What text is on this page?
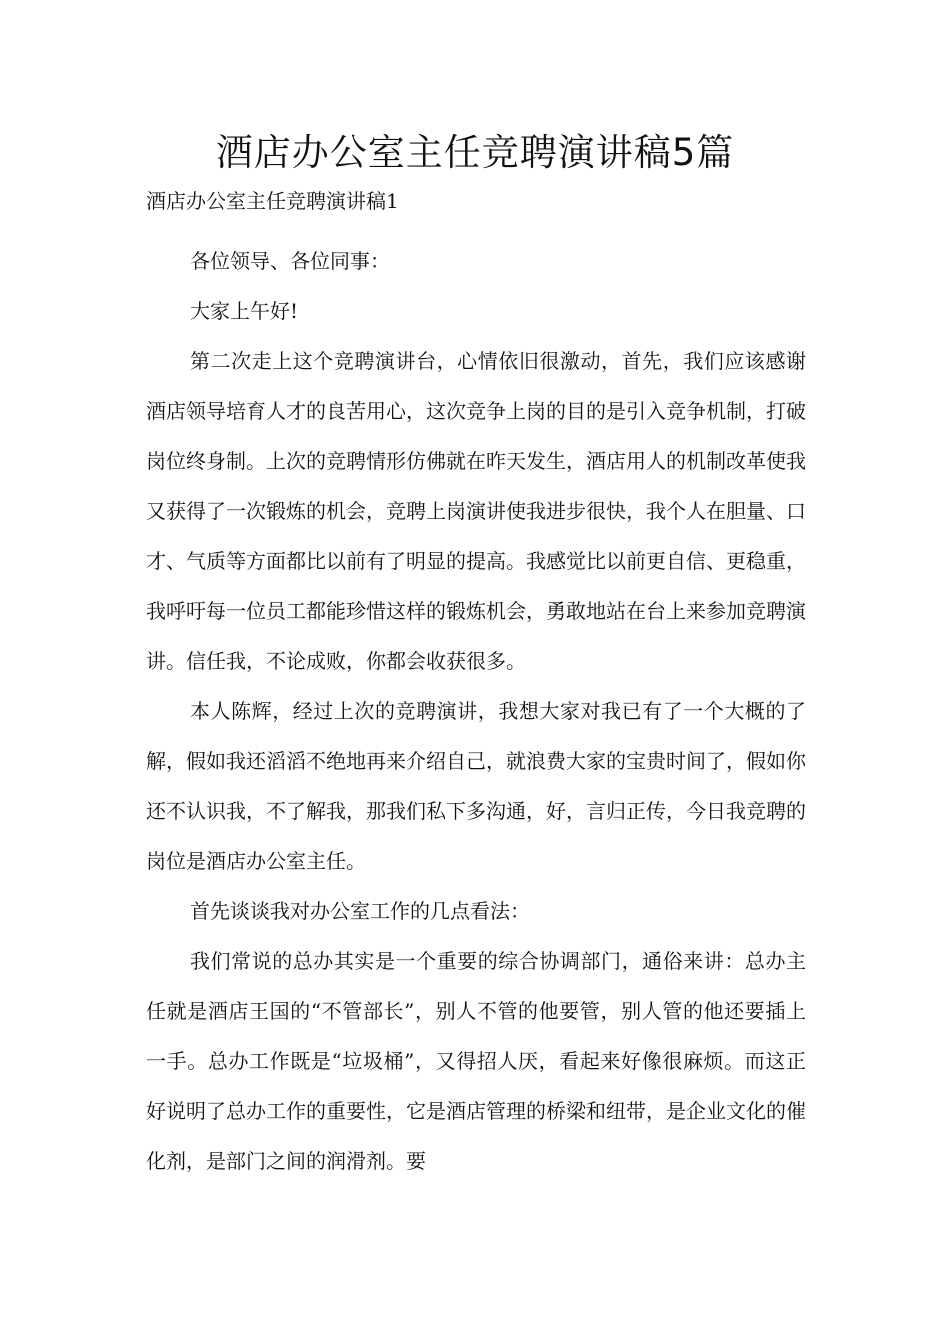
酒店办公室主任竞聘演讲稿5篇
酒店办公室主任竞聘演讲稿1

各位领导、各位同事：

大家上午好!

第二次走上这个竞聘演讲台，心情依旧很激动，首先，我们应该感谢酒店领导培育人才的良苦用心，这次竞争上岗的目的是引入竞争机制，打破岗位终身制。上次的竞聘情形仿佛就在昨天发生，酒店用人的机制改革使我又获得了一次锻炼的机会，竞聘上岗演讲使我进步很快，我个人在胆量、口才、气质等方面都比以前有了明显的提高。我感觉比以前更自信、更稳重，我呼吁每一位员工都能珍惜这样的锻炼机会，勇敢地站在台上来参加竞聘演讲。信任我，不论成败，你都会收获很多。

本人陈辉，经过上次的竞聘演讲，我想大家对我已有了一个大概的了解，假如我还滔滔不绝地再来介绍自己，就浪费大家的宝贵时间了，假如你还不认识我，不了解我，那我们私下多沟通，好，言归正传，今日我竞聘的岗位是酒店办公室主任。

首先谈谈我对办公室工作的几点看法：

我们常说的总办其实是一个重要的综合协调部门，通俗来讲：总办主任就是酒店王国的“不管部长”，别人不管的他要管，别人管的他还要插上一手。总办工作既是“垃圾桶”，又得招人厌，看起来好像很麻烦。而这正好说明了总办工作的重要性，它是酒店管理的桥梁和纽带，是企业文化的催化剂，是部门之间的润滑剂。要
